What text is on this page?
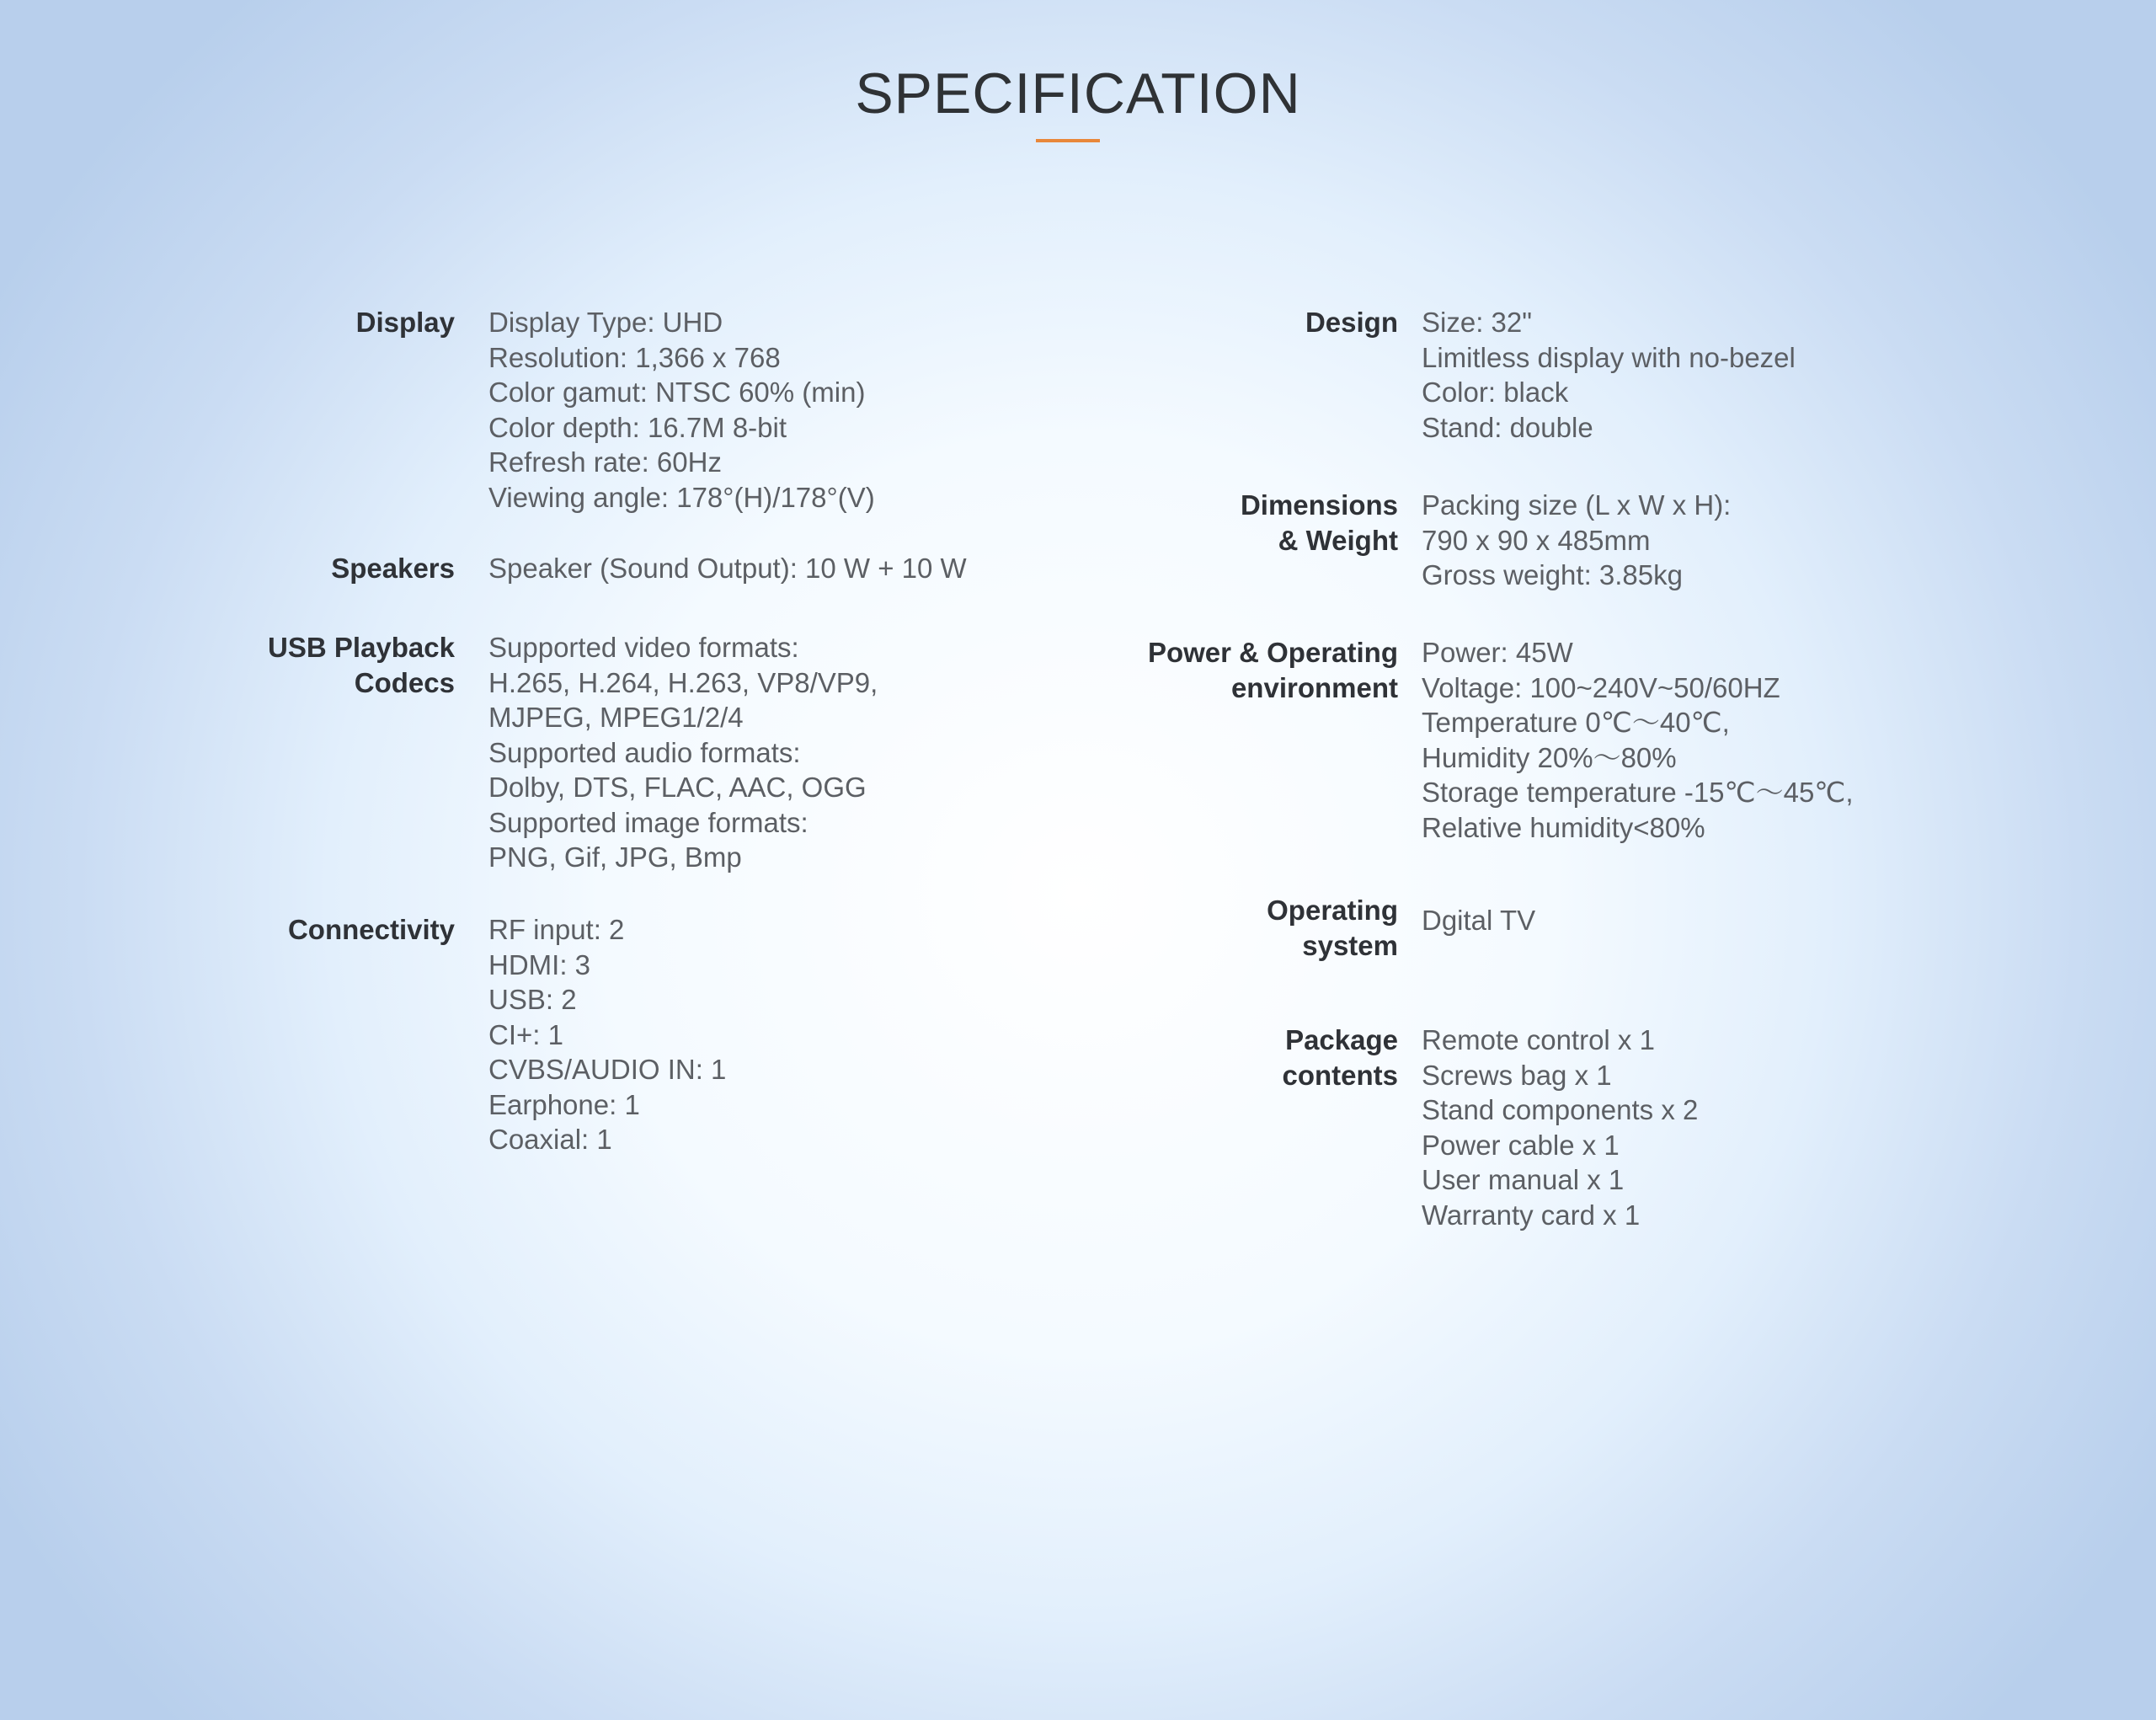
SPECIFICATION
Display Display Type: UHD
Resolution: 1,366 x 768
Color gamut: NTSC 60% (min)
Color depth: 16.7M 8-bit
Refresh rate: 60Hz
Viewing angle: 178°(H)/178°(V)
Speakers Speaker (Sound Output): 10 W + 10 W
USB Playback
Codecs
Supported video formats:
H.265, H.264, H.263, VP8/VP9,
MJPEG, MPEG1/2/4
Supported audio formats:
Dolby, DTS, FLAC, AAC, OGG
Supported image formats:
PNG, Gif, JPG, Bmp
Connectivity RF input: 2
HDMI: 3
USB: 2
CI+: 1
CVBS/AUDIO IN: 1
Earphone: 1
Coaxial: 1
Design Size: 32"
Limitless display with no-bezel
Color: black
Stand: double
Dimensions
& Weight
Packing size (L x W x H):
790 x 90 x 485mm
Gross weight: 3.85kg
Power & Operating
environment
Power: 45W
Voltage: 100~240V~50/60HZ
Temperature 0℃～40℃,
Humidity 20%～80%
Storage temperature -15℃～45℃,
Relative humidity<80%
Operating
system
Dgital TV
Package
contents
Remote control x 1
Screws bag x 1
Stand components x 2
Power cable x 1
User manual x 1
Warranty card x 1
